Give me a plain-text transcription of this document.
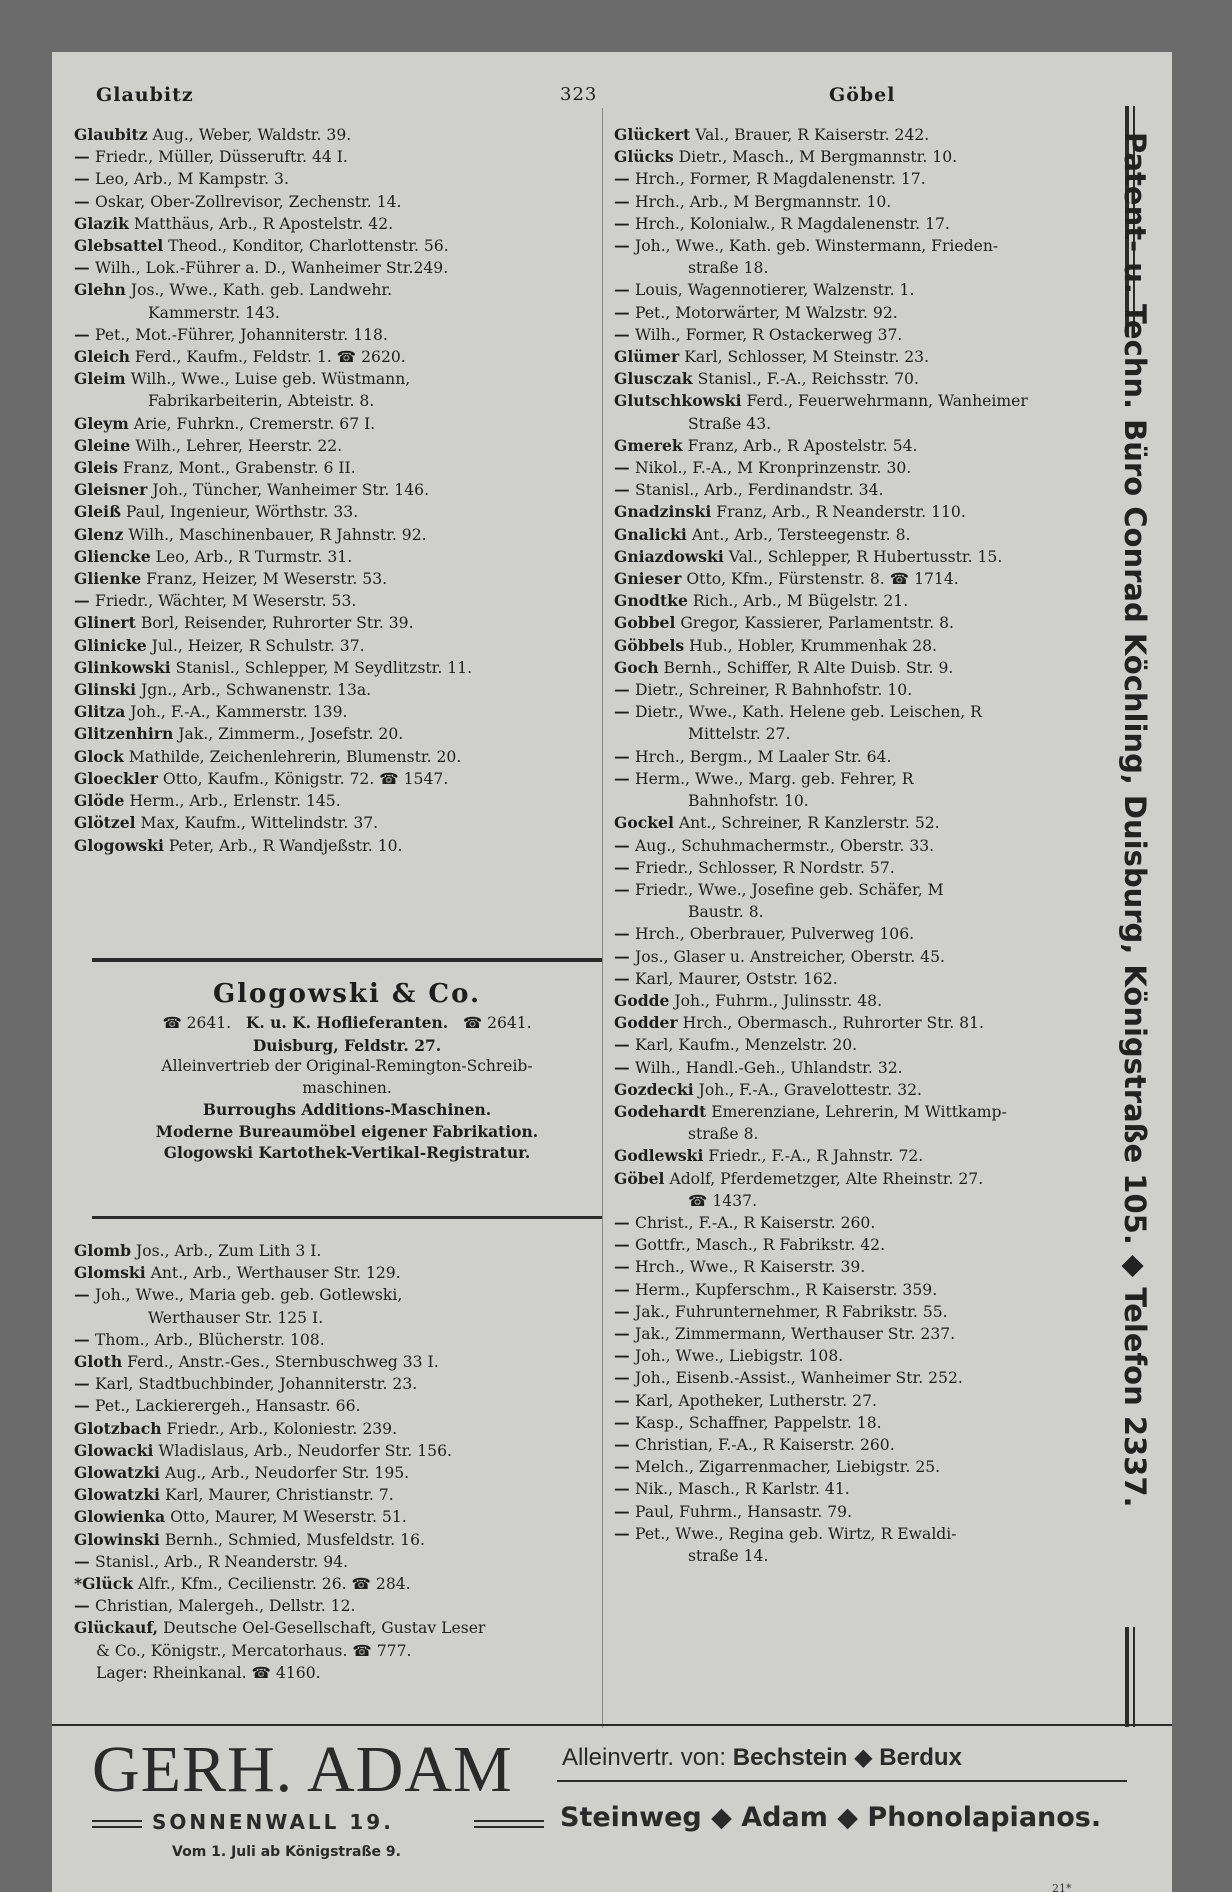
Glaubitz	323	Göbel
Glaubitz Aug., Weber, Waldstr. 39.
— Friedr., Müller, Düsseruftr. 44 I.
— Leo, Arb., M Kampstr. 3.
— Oskar, Ober-Zollrevisor, Zechenstr. 14.
Glazik Matthäus, Arb., R Apostelstr. 42.
Glebsattel Theod., Konditor, Charlottenstr. 56.
— Wilh., Lok.-Führer a. D., Wanheimer Str.249.
Glehn Jos., Wwe., Kath. geb. Landwehr.
Kammerstr. 143.
— Pet., Mot.-Führer, Johanniterstr. 118.
Gleich Ferd., Kaufm., Feldstr. 1. ☎ 2620.
Gleim Wilh., Wwe., Luise geb. Wüstmann,
Fabrikarbeiterin, Abteistr. 8.
Gleym Arie, Fuhrkn., Cremerstr. 67 I.
Gleine Wilh., Lehrer, Heerstr. 22.
Gleis Franz, Mont., Grabenstr. 6 II.
Gleisner Joh., Tüncher, Wanheimer Str. 146.
Gleiß Paul, Ingenieur, Wörthstr. 33.
Glenz Wilh., Maschinenbauer, R Jahnstr. 92.
Gliencke Leo, Arb., R Turmstr. 31.
Glienke Franz, Heizer, M Weserstr. 53.
— Friedr., Wächter, M Weserstr. 53.
Glinert Borl, Reisender, Ruhrorter Str. 39.
Glinicke Jul., Heizer, R Schulstr. 37.
Glinkowski Stanisl., Schlepper, M Seydlitzstr. 11.
Glinski Jgn., Arb., Schwanenstr. 13a.
Glitza Joh., F.-A., Kammerstr. 139.
Glitzenhirn Jak., Zimmerm., Josefstr. 20.
Glock Mathilde, Zeichenlehrerin, Blumenstr. 20.
Gloeckler Otto, Kaufm., Königstr. 72. ☎ 1547.
Glöde Herm., Arb., Erlenstr. 145.
Glötzel Max, Kaufm., Wittelindstr. 37.
Glogowski Peter, Arb., R Wandjeßstr. 10.
Glogowski & Co.
☎ 2641. K. u. K. Hoflieferanten. ☎ 2641.
Duisburg, Feldstr. 27.
Alleinvertrieb der Original-Remington-Schreib-
maschinen.
Burroughs Additions-Maschinen.
Moderne Bureaumöbel eigener Fabrikation.
Glogowski Kartothek-Vertikal-Registratur.
Glomb Jos., Arb., Zum Lith 3 I.
Glomski Ant., Arb., Werthauser Str. 129.
— Joh., Wwe., Maria geb. geb. Gotlewski,
Werthauser Str. 125 I.
— Thom., Arb., Blücherstr. 108.
Gloth Ferd., Anstr.-Ges., Sternbuschweg 33 I.
— Karl, Stadtbuchbinder, Johanniterstr. 23.
— Pet., Lackierergeh., Hansastr. 66.
Glotzbach Friedr., Arb., Koloniestr. 239.
Glowacki Wladislaus, Arb., Neudorfer Str. 156.
Glowatzki Aug., Arb., Neudorfer Str. 195.
Glowatzki Karl, Maurer, Christianstr. 7.
Glowienka Otto, Maurer, M Weserstr. 51.
Glowinski Bernh., Schmied, Musfeldstr. 16.
— Stanisl., Arb., R Neanderstr. 94.
*Glück Alfr., Kfm., Cecilienstr. 26. ☎ 284.
— Christian, Malergeh., Dellstr. 12.
Glückauf, Deutsche Oel-Gesellschaft, Gustav Leser
& Co., Königstr., Mercatorhaus. ☎ 777.
Lager: Rheinkanal. ☎ 4160.
Glückert Val., Brauer, R Kaiserstr. 242.
Glücks Dietr., Masch., M Bergmannstr. 10.
— Hrch., Former, R Magdalenenstr. 17.
— Hrch., Arb., M Bergmannstr. 10.
— Hrch., Kolonialw., R Magdalenenstr. 17.
— Joh., Wwe., Kath. geb. Winstermann, Frieden-
straße 18.
— Louis, Wagennotierer, Walzenstr. 1.
— Pet., Motorwärter, M Walzstr. 92.
— Wilh., Former, R Ostackerweg 37.
Glümer Karl, Schlosser, M Steinstr. 23.
Glusczak Stanisl., F.-A., Reichsstr. 70.
Glutschkowski Ferd., Feuerwehrmann, Wanheimer
Straße 43.
Gmerek Franz, Arb., R Apostelstr. 54.
— Nikol., F.-A., M Kronprinzenstr. 30.
— Stanisl., Arb., Ferdinandstr. 34.
Gnadzinski Franz, Arb., R Neanderstr. 110.
Gnalicki Ant., Arb., Tersteegenstr. 8.
Gniazdowski Val., Schlepper, R Hubertusstr. 15.
Gnieser Otto, Kfm., Fürstenstr. 8. ☎ 1714.
Gnodtke Rich., Arb., M Bügelstr. 21.
Gobbel Gregor, Kassierer, Parlamentstr. 8.
Göbbels Hub., Hobler, Krummenhak 28.
Goch Bernh., Schiffer, R Alte Duisb. Str. 9.
— Dietr., Schreiner, R Bahnhofstr. 10.
— Dietr., Wwe., Kath. Helene geb. Leischen, R
Mittelstr. 27.
— Hrch., Bergm., M Laaler Str. 64.
— Herm., Wwe., Marg. geb. Fehrer, R
Bahnhofstr. 10.
Gockel Ant., Schreiner, R Kanzlerstr. 52.
— Aug., Schuhmachermstr., Oberstr. 33.
— Friedr., Schlosser, R Nordstr. 57.
— Friedr., Wwe., Josefine geb. Schäfer, M
Baustr. 8.
— Hrch., Oberbrauer, Pulverweg 106.
— Jos., Glaser u. Anstreicher, Oberstr. 45.
— Karl, Maurer, Oststr. 162.
Godde Joh., Fuhrm., Julinsstr. 48.
Godder Hrch., Obermasch., Ruhrorter Str. 81.
— Karl, Kaufm., Menzelstr. 20.
— Wilh., Handl.-Geh., Uhlandstr. 32.
Gozdecki Joh., F.-A., Gravelottestr. 32.
Godehardt Emerenziane, Lehrerin, M Wittkamp-
straße 8.
Godlewski Friedr., F.-A., R Jahnstr. 72.
Göbel Adolf, Pferdemetzger, Alte Rheinstr. 27.
☎ 1437.
— Christ., F.-A., R Kaiserstr. 260.
— Gottfr., Masch., R Fabrikstr. 42.
— Hrch., Wwe., R Kaiserstr. 39.
— Herm., Kupferschm., R Kaiserstr. 359.
— Jak., Fuhrunternehmer, R Fabrikstr. 55.
— Jak., Zimmermann, Werthauser Str. 237.
— Joh., Wwe., Liebigstr. 108.
— Joh., Eisenb.-Assist., Wanheimer Str. 252.
— Karl, Apotheker, Lutherstr. 27.
— Kasp., Schaffner, Pappelstr. 18.
— Christian, F.-A., R Kaiserstr. 260.
— Melch., Zigarrenmacher, Liebigstr. 25.
— Nik., Masch., R Karlstr. 41.
— Paul, Fuhrm., Hansastr. 79.
— Pet., Wwe., Regina geb. Wirtz, R Ewaldi-
straße 14.
Patent- u. Techn. Büro Conrad Köchling, Duisburg, Königstraße 105. ◆ Telefon 2337.
GERH. ADAM Alleinvertr. von: Bechstein ◆ Berdux
SONNENWALL 19.
Vom 1. Juli ab Königstraße 9.
Steinweg ◆ Adam ◆ Phonolapianos.
21*
